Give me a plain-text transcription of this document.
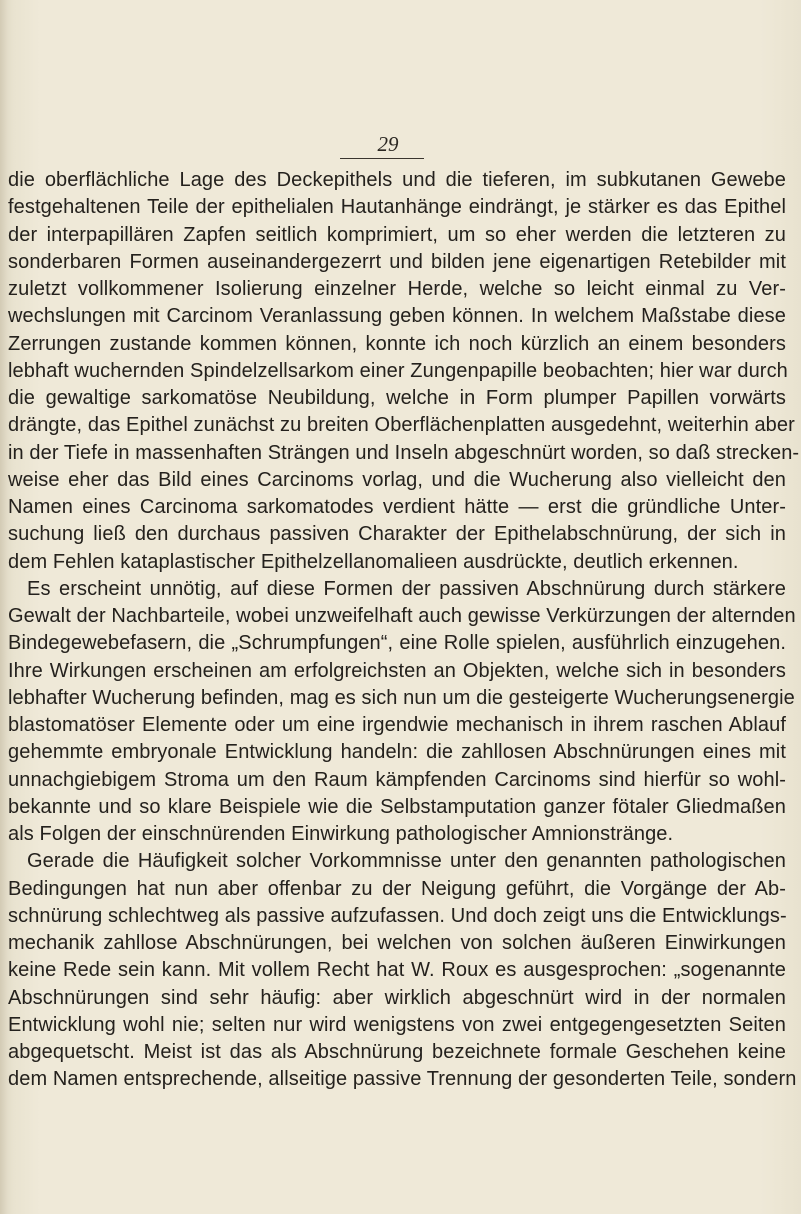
29
die oberflächliche Lage des Deckepithels und die tieferen, im subkutanen Gewebe
festgehaltenen Teile der epithelialen Hautanhänge eindrängt, je stärker es das Epithel
der interpapillären Zapfen seitlich komprimiert, um so eher werden die letzteren zu
sonderbaren Formen auseinandergezerrt und bilden jene eigenartigen Retebilder mit
zuletzt vollkommener Isolierung einzelner Herde, welche so leicht einmal zu Ver-
wechslungen mit Carcinom Veranlassung geben können. In welchem Maßstabe diese
Zerrungen zustande kommen können, konnte ich noch kürzlich an einem besonders
lebhaft wuchernden Spindelzellsarkom einer Zungenpapille beobachten; hier war durch
die gewaltige sarkomatöse Neubildung, welche in Form plumper Papillen vorwärts
drängte, das Epithel zunächst zu breiten Oberflächenplatten ausgedehnt, weiterhin aber
in der Tiefe in massenhaften Strängen und Inseln abgeschnürt worden, so daß strecken-
weise eher das Bild eines Carcinoms vorlag, und die Wucherung also vielleicht den
Namen eines Carcinoma sarkomatodes verdient hätte — erst die gründliche Unter-
suchung ließ den durchaus passiven Charakter der Epithelabschnürung, der sich in
dem Fehlen kataplastischer Epithelzellanomalieen ausdrückte, deutlich erkennen.
Es erscheint unnötig, auf diese Formen der passiven Abschnürung durch stärkere
Gewalt der Nachbarteile, wobei unzweifelhaft auch gewisse Verkürzungen der alternden
Bindegewebefasern, die „Schrumpfungen“, eine Rolle spielen, ausführlich einzugehen.
Ihre Wirkungen erscheinen am erfolgreichsten an Objekten, welche sich in besonders
lebhafter Wucherung befinden, mag es sich nun um die gesteigerte Wucherungsenergie
blastomatöser Elemente oder um eine irgendwie mechanisch in ihrem raschen Ablauf
gehemmte embryonale Entwicklung handeln: die zahllosen Abschnürungen eines mit
unnachgiebigem Stroma um den Raum kämpfenden Carcinoms sind hierfür so wohl-
bekannte und so klare Beispiele wie die Selbstamputation ganzer fötaler Gliedmaßen
als Folgen der einschnürenden Einwirkung pathologischer Amnionstränge.
Gerade die Häufigkeit solcher Vorkommnisse unter den genannten pathologischen
Bedingungen hat nun aber offenbar zu der Neigung geführt, die Vorgänge der Ab-
schnürung schlechtweg als passive aufzufassen. Und doch zeigt uns die Entwicklungs-
mechanik zahllose Abschnürungen, bei welchen von solchen äußeren Einwirkungen
keine Rede sein kann. Mit vollem Recht hat W. Roux es ausgesprochen: „sogenannte
Abschnürungen sind sehr häufig: aber wirklich abgeschnürt wird in der normalen
Entwicklung wohl nie; selten nur wird wenigstens von zwei entgegengesetzten Seiten
abgequetscht. Meist ist das als Abschnürung bezeichnete formale Geschehen keine
dem Namen entsprechende, allseitige passive Trennung der gesonderten Teile, sondern
